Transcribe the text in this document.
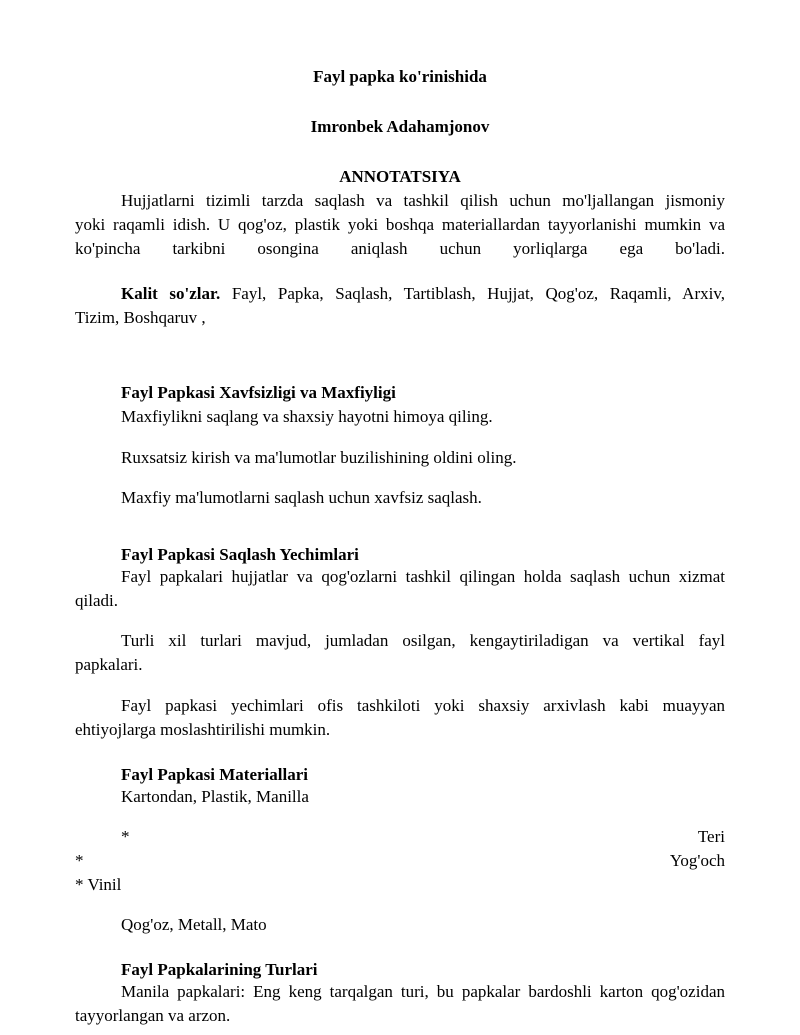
Fayl papka ko'rinishida
Imronbek Adahamjonov
ANNOTATSIYA
Hujjatlarni tizimli tarzda saqlash va tashkil qilish uchun mo'ljallangan jismoniy
yoki raqamli idish. U qog'oz, plastik yoki boshqa materiallardan tayyorlanishi mumkin va
ko'pincha tarkibni osongina aniqlash uchun yorliqlarga ega bo'ladi.
Kalit so'zlar. Fayl, Papka, Saqlash, Tartiblash, Hujjat, Qog'oz, Raqamli, Arxiv,
Tizim, Boshqaruv ,
Fayl Papkasi Xavfsizligi va Maxfiyligi
Maxfiylikni saqlang va shaxsiy hayotni himoya qiling.
Ruxsatsiz kirish va ma'lumotlar buzilishining oldini oling.
Maxfiy ma'lumotlarni saqlash uchun xavfsiz saqlash.
Fayl Papkasi Saqlash Yechimlari
Fayl papkalari hujjatlar va qog'ozlarni tashkil qilingan holda saqlash uchun xizmat
qiladi.
Turli xil turlari mavjud, jumladan osilgan, kengaytiriladigan va vertikal fayl
papkalari.
Fayl papkasi yechimlari ofis tashkiloti yoki shaxsiy arxivlash kabi muayyan
ehtiyojlarga moslashtirilishi mumkin.
Fayl Papkasi Materiallari
Kartondan, Plastik, Manilla
*	Teri
*	Yog'och
* Vinil
Qog'oz, Metall, Mato
Fayl Papkalarining Turlari
Manila papkalari: Eng keng tarqalgan turi, bu papkalar bardoshli karton qog'ozidan
tayyorlangan va arzon.
